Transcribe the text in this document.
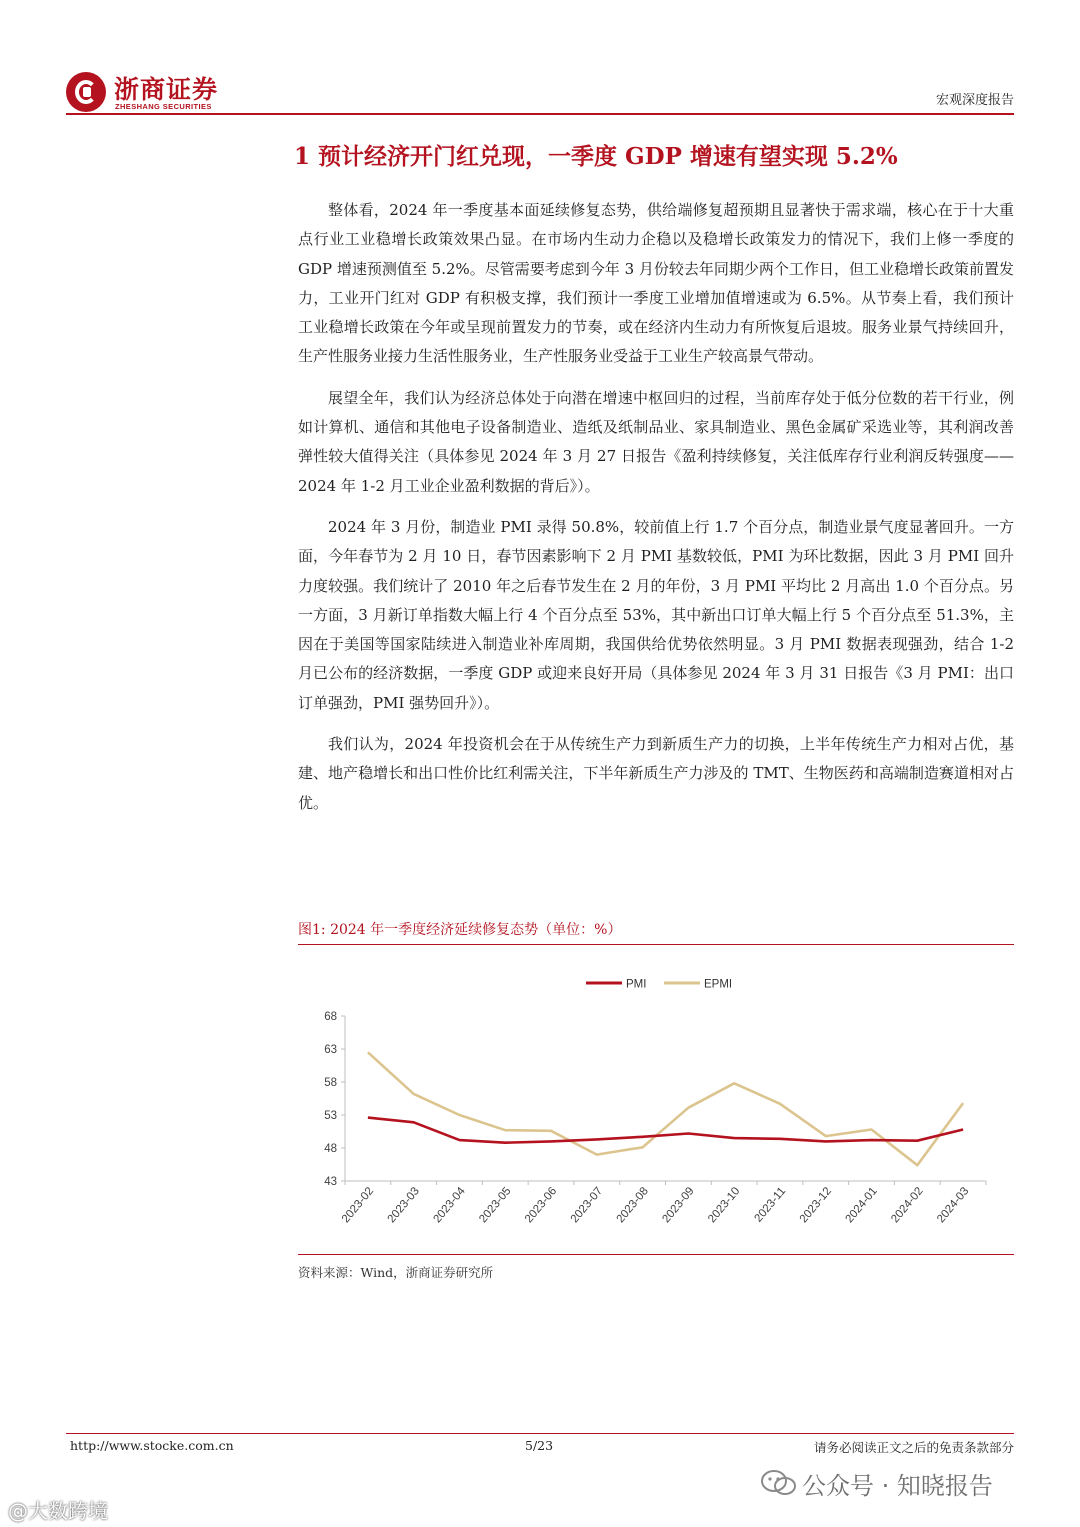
浙商证券
ZHESHANG SECURITIES	宏观深度报告
1 预计经济开门红兑现，一季度 GDP 增速有望实现 5.2%

整体看，2024 年一季度基本面延续修复态势，供给端修复超预期且显著快于需求端，核心在于十大重点行业工业稳增长政策效果凸显。在市场内生动力企稳以及稳增长政策发力的情况下，我们上修一季度的 GDP 增速预测值至 5.2%。尽管需要考虑到今年 3 月份较去年同期少两个工作日，但工业稳增长政策前置发力，工业开门红对 GDP 有积极支撑，我们预计一季度工业增加值增速或为 6.5%。从节奏上看，我们预计工业稳增长政策在今年或呈现前置发力的节奏，或在经济内生动力有所恢复后退坡。服务业景气持续回升，生产性服务业接力生活性服务业，生产性服务业受益于工业生产较高景气带动。

展望全年，我们认为经济总体处于向潜在增速中枢回归的过程，当前库存处于低分位数的若干行业，例如计算机、通信和其他电子设备制造业、造纸及纸制品业、家具制造业、黑色金属矿采选业等，其利润改善弹性较大值得关注（具体参见 2024 年 3 月 27 日报告《盈利持续修复，关注低库存行业利润反转强度——2024 年 1-2 月工业企业盈利数据的背后》）。

2024 年 3 月份，制造业 PMI 录得 50.8%，较前值上行 1.7 个百分点，制造业景气度显著回升。一方面，今年春节为 2 月 10 日，春节因素影响下 2 月 PMI 基数较低，PMI 为环比数据，因此 3 月 PMI 回升力度较强。我们统计了 2010 年之后春节发生在 2 月的年份，3 月 PMI 平均比 2 月高出 1.0 个百分点。另一方面，3 月新订单指数大幅上行 4 个百分点至 53%，其中新出口订单大幅上行 5 个百分点至 51.3%，主因在于美国等国家陆续进入制造业补库周期，我国供给优势依然明显。3 月 PMI 数据表现强劲，结合 1-2 月已公布的经济数据，一季度 GDP 或迎来良好开局（具体参见 2024 年 3 月 31 日报告《3 月 PMI：出口订单强劲，PMI 强势回升》）。

我们认为，2024 年投资机会在于从传统生产力到新质生产力的切换，上半年传统生产力相对占优，基建、地产稳增长和出口性价比红利需关注，下半年新质生产力涉及的 TMT、生物医药和高端制造赛道相对占优。

图1: 2024 年一季度经济延续修复态势（单位：%）
43
48
53
58
63
68
2023-02 2023-03 2023-04 2023-05 2023-06 2023-07 2023-08 2023-09 2023-10 2023-11 2023-12 2024-01 2024-02 2024-03
PMI	EPMI
资料来源：Wind，浙商证券研究所
http://www.stocke.com.cn	5/23	请务必阅读正文之后的免责条款部分
公众号 · 知晓报告
@大数跨境
